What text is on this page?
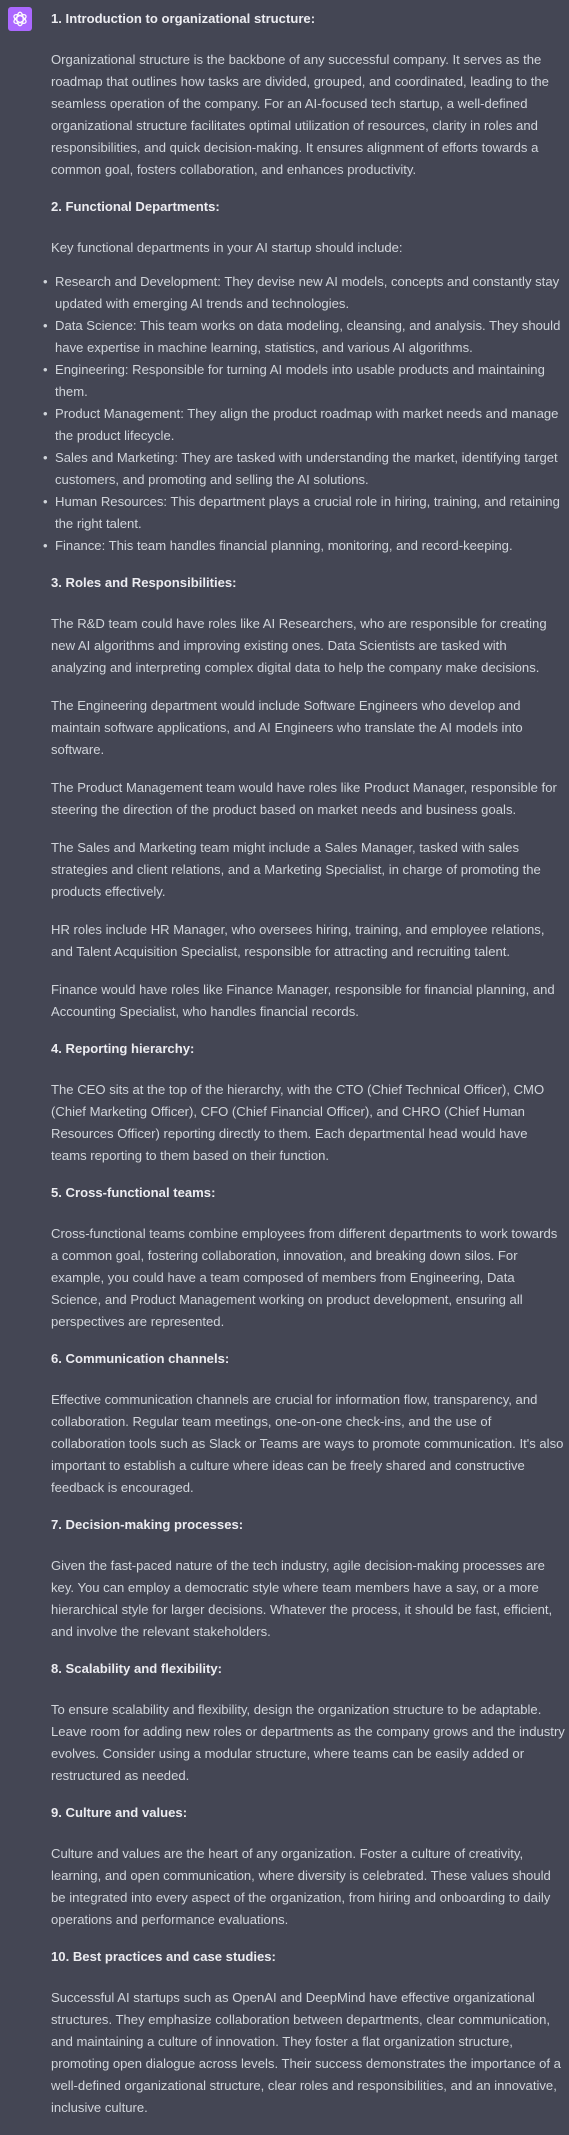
1. Introduction to organizational structure:

Organizational structure is the backbone of any successful company. It serves as the roadmap that outlines how tasks are divided, grouped, and coordinated, leading to the seamless operation of the company. For an AI-focused tech startup, a well-defined organizational structure facilitates optimal utilization of resources, clarity in roles and responsibilities, and quick decision-making. It ensures alignment of efforts towards a common goal, fosters collaboration, and enhances productivity.

2. Functional Departments:

Key functional departments in your AI startup should include:

• Research and Development: They devise new AI models, concepts and constantly stay updated with emerging AI trends and technologies.
• Data Science: This team works on data modeling, cleansing, and analysis. They should have expertise in machine learning, statistics, and various AI algorithms.
• Engineering: Responsible for turning AI models into usable products and maintaining them.
• Product Management: They align the product roadmap with market needs and manage the product lifecycle.
• Sales and Marketing: They are tasked with understanding the market, identifying target customers, and promoting and selling the AI solutions.
• Human Resources: This department plays a crucial role in hiring, training, and retaining the right talent.
• Finance: This team handles financial planning, monitoring, and record-keeping.
3. Roles and Responsibilities:

The R&D team could have roles like AI Researchers, who are responsible for creating new AI algorithms and improving existing ones. Data Scientists are tasked with analyzing and interpreting complex digital data to help the company make decisions.

The Engineering department would include Software Engineers who develop and maintain software applications, and AI Engineers who translate the AI models into software.

The Product Management team would have roles like Product Manager, responsible for steering the direction of the product based on market needs and business goals.

The Sales and Marketing team might include a Sales Manager, tasked with sales strategies and client relations, and a Marketing Specialist, in charge of promoting the products effectively.

HR roles include HR Manager, who oversees hiring, training, and employee relations, and Talent Acquisition Specialist, responsible for attracting and recruiting talent.

Finance would have roles like Finance Manager, responsible for financial planning, and Accounting Specialist, who handles financial records.

4. Reporting hierarchy:

The CEO sits at the top of the hierarchy, with the CTO (Chief Technical Officer), CMO (Chief Marketing Officer), CFO (Chief Financial Officer), and CHRO (Chief Human Resources Officer) reporting directly to them. Each departmental head would have teams reporting to them based on their function.

5. Cross-functional teams:

Cross-functional teams combine employees from different departments to work towards a common goal, fostering collaboration, innovation, and breaking down silos. For example, you could have a team composed of members from Engineering, Data Science, and Product Management working on product development, ensuring all perspectives are represented.

6. Communication channels:

Effective communication channels are crucial for information flow, transparency, and collaboration. Regular team meetings, one-on-one check-ins, and the use of collaboration tools such as Slack or Teams are ways to promote communication. It's also important to establish a culture where ideas can be freely shared and constructive feedback is encouraged.

7. Decision-making processes:

Given the fast-paced nature of the tech industry, agile decision-making processes are key. You can employ a democratic style where team members have a say, or a more hierarchical style for larger decisions. Whatever the process, it should be fast, efficient, and involve the relevant stakeholders.

8. Scalability and flexibility:

To ensure scalability and flexibility, design the organization structure to be adaptable. Leave room for adding new roles or departments as the company grows and the industry evolves. Consider using a modular structure, where teams can be easily added or restructured as needed.

9. Culture and values:

Culture and values are the heart of any organization. Foster a culture of creativity, learning, and open communication, where diversity is celebrated. These values should be integrated into every aspect of the organization, from hiring and onboarding to daily operations and performance evaluations.

10. Best practices and case studies:

Successful AI startups such as OpenAI and DeepMind have effective organizational structures. They emphasize collaboration between departments, clear communication, and maintaining a culture of innovation. They foster a flat organization structure, promoting open dialogue across levels. Their success demonstrates the importance of a well-defined organizational structure, clear roles and responsibilities, and an innovative, inclusive culture.
